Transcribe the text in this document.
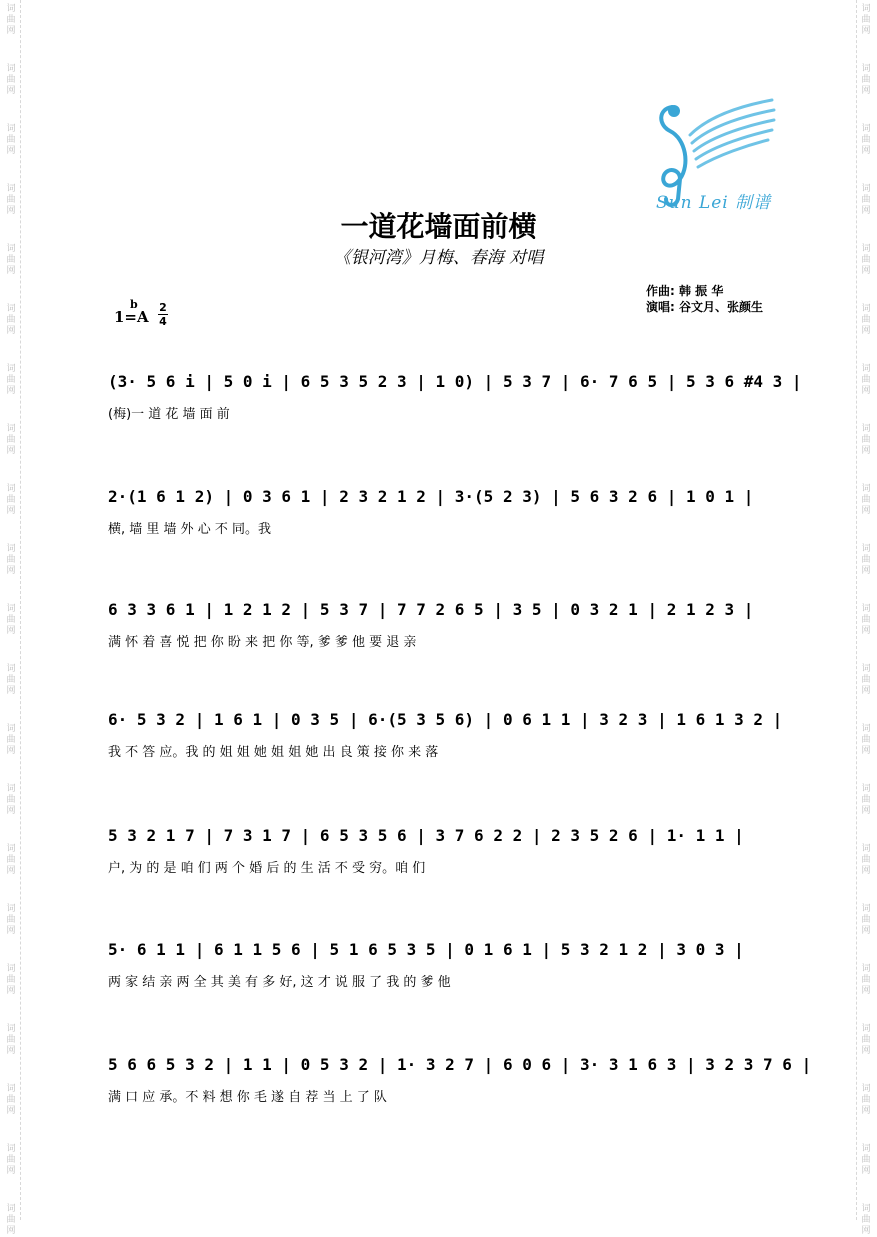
词
曲
网
词
曲
网
词
曲
网
词
曲
网
词
曲
网
词
曲
网
词
曲
网
词
曲
网
词
曲
网
词
曲
网
词
曲
网
词
曲
网
词
曲
网
词
曲
网
词
曲
网
词
曲
网
词
曲
网
词
曲
网
词
曲
网
词
曲
网
词
曲
网
词
曲
网
词
曲
网
词
曲
网
词
曲
网
词
曲
网
词
曲
网
词
曲
网
词
曲
网
词
曲
网
词
曲
网
词
曲
网
词
曲
网
词
曲
网
词
曲
网
词
曲
网
词
曲
网
词
曲
网
词
曲
网
词
曲
网
词
曲
网
词
曲
网
Sun Lei 制谱
一道花墙面前横
《银河湾》月梅、春海 对唱
作曲: 韩 振 华
演唱: 谷文月、张颜生
1=
b
A
2
4
(3· 5 6 i | 5 0 i | 6 5 3 5 2 3 | 1 0) | 5 3 7 | 6· 7 6 5 | 5 3 6 #4 3 |
(梅)一 道 花 墙 面 前
2·(1 6 1 2) | 0 3 6 1 | 2 3 2 1 2 | 3·(5 2 3) | 5 6 3 2 6 | 1 0 1 |
横, 墙 里 墙 外 心 不 同。我
6 3 3 6 1 | 1 2 1 2 | 5 3 7 | 7 7 2 6 5 | 3 5 | 0 3 2 1 | 2 1 2 3 |
满 怀 着 喜 悦 把 你 盼 来 把 你 等, 爹 爹 他 要 退 亲
6· 5 3 2 | 1 6 1 | 0 3 5 | 6·(5 3 5 6) | 0 6 1 1 | 3 2 3 | 1 6 1 3 2 |
我 不 答 应。我 的 姐 姐 她 姐 姐 她 出 良 策 接 你 来 落
5 3 2 1 7 | 7 3 1 7 | 6 5 3 5 6 | 3 7 6 2 2 | 2 3 5 2 6 | 1· 1 1 |
户, 为 的 是 咱 们 两 个 婚 后 的 生 活 不 受 穷。咱 们
5· 6 1 1 | 6 1 1 5 6 | 5 1 6 5 3 5 | 0 1 6 1 | 5 3 2 1 2 | 3 0 3 |
两 家 结 亲 两 全 其 美 有 多 好, 这 才 说 服 了 我 的 爹 他
5 6 6 5 3 2 | 1 1 | 0 5 3 2 | 1· 3 2 7 | 6 0 6 | 3· 3 1 6 3 | 3 2 3 7 6 |
满 口 应 承。不 料 想 你 毛 遂 自 荐 当 上 了 队
